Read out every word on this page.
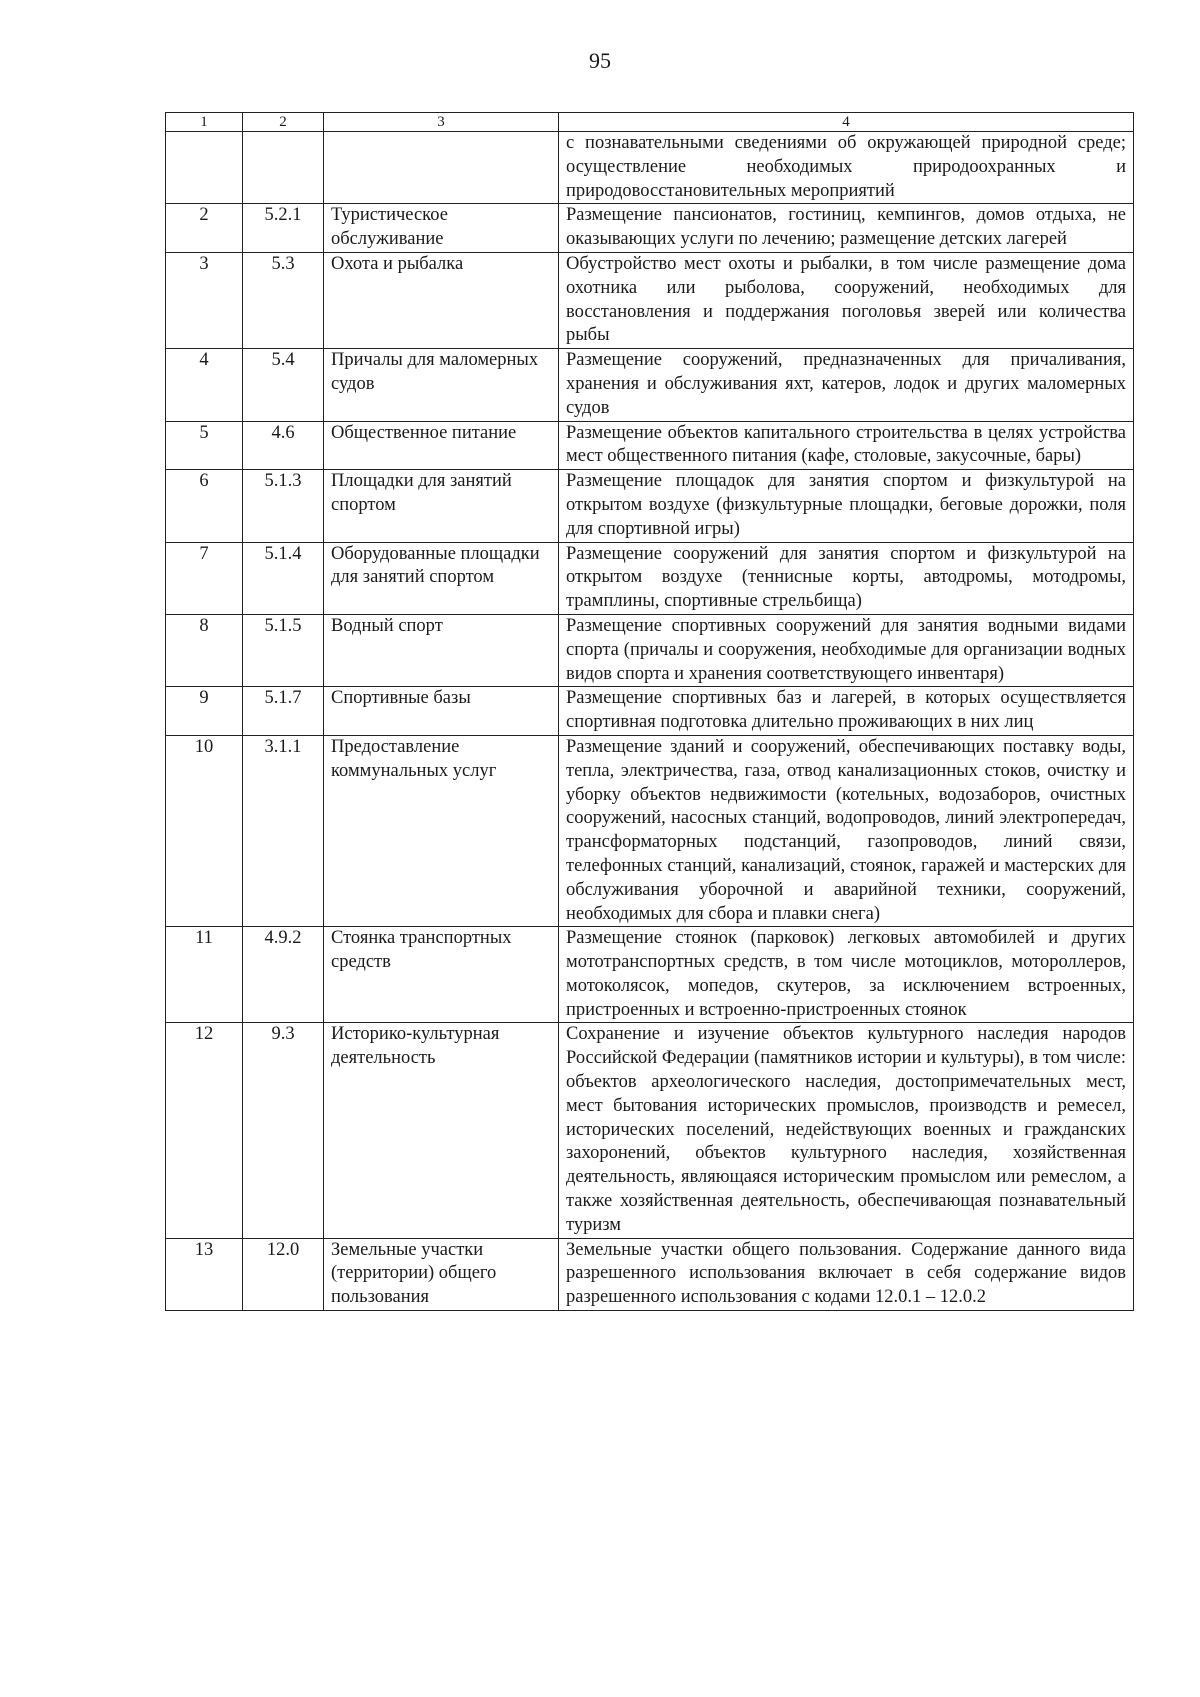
95
1	2	3	4
			с познавательными сведениями об окружающей природной среде; осуществление необходимых природоохранных и природовосстановительных мероприятий
2	5.2.1	Туристическое обслуживание	Размещение пансионатов, гостиниц, кемпингов, домов отдыха, не оказывающих услуги по лечению; размещение детских лагерей
3	5.3	Охота и рыбалка	Обустройство мест охоты и рыбалки, в том числе размещение дома охотника или рыболова, сооружений, необходимых для восстановления и поддержания поголовья зверей или количества рыбы
4	5.4	Причалы для маломерных судов	Размещение сооружений, предназначенных для причаливания, хранения и обслуживания яхт, катеров, лодок и других маломерных судов
5	4.6	Общественное питание	Размещение объектов капитального строительства в целях устройства мест общественного питания (кафе, столовые, закусочные, бары)
6	5.1.3	Площадки для занятий спортом	Размещение площадок для занятия спортом и физкультурой на открытом воздухе (физкультурные площадки, беговые дорожки, поля для спортивной игры)
7	5.1.4	Оборудованные площадки для занятий спортом	Размещение сооружений для занятия спортом и физкультурой на открытом воздухе (теннисные корты, автодромы, мотодромы, трамплины, спортивные стрельбища)
8	5.1.5	Водный спорт	Размещение спортивных сооружений для занятия водными видами спорта (причалы и сооружения, необходимые для организации водных видов спорта и хранения соответствующего инвентаря)
9	5.1.7	Спортивные базы	Размещение спортивных баз и лагерей, в которых осуществляется спортивная подготовка длительно проживающих в них лиц
10	3.1.1	Предоставление коммунальных услуг	Размещение зданий и сооружений, обеспечивающих поставку воды, тепла, электричества, газа, отвод канализационных стоков, очистку и уборку объектов недвижимости (котельных, водозаборов, очистных сооружений, насосных станций, водопроводов, линий электропередач, трансформаторных подстанций, газопроводов, линий связи, телефонных станций, канализаций, стоянок, гаражей и мастерских для обслуживания уборочной и аварийной техники, сооружений, необходимых для сбора и плавки снега)
11	4.9.2	Стоянка транспортных средств	Размещение стоянок (парковок) легковых автомобилей и других мототранспортных средств, в том числе мотоциклов, мотороллеров, мотоколясок, мопедов, скутеров, за исключением встроенных, пристроенных и встроенно-пристроенных стоянок
12	9.3	Историко-культурная деятельность	Сохранение и изучение объектов культурного наследия народов Российской Федерации (памятников истории и культуры), в том числе: объектов археологического наследия, достопримечательных мест, мест бытования исторических промыслов, производств и ремесел, исторических поселений, недействующих военных и гражданских захоронений, объектов культурного наследия, хозяйственная деятельность, являющаяся историческим промыслом или ремеслом, а также хозяйственная деятельность, обеспечивающая познавательный туризм
13	12.0	Земельные участки (территории) общего пользования	Земельные участки общего пользования. Содержание данного вида разрешенного использования включает в себя содержание видов разрешенного использования с кодами 12.0.1 – 12.0.2
